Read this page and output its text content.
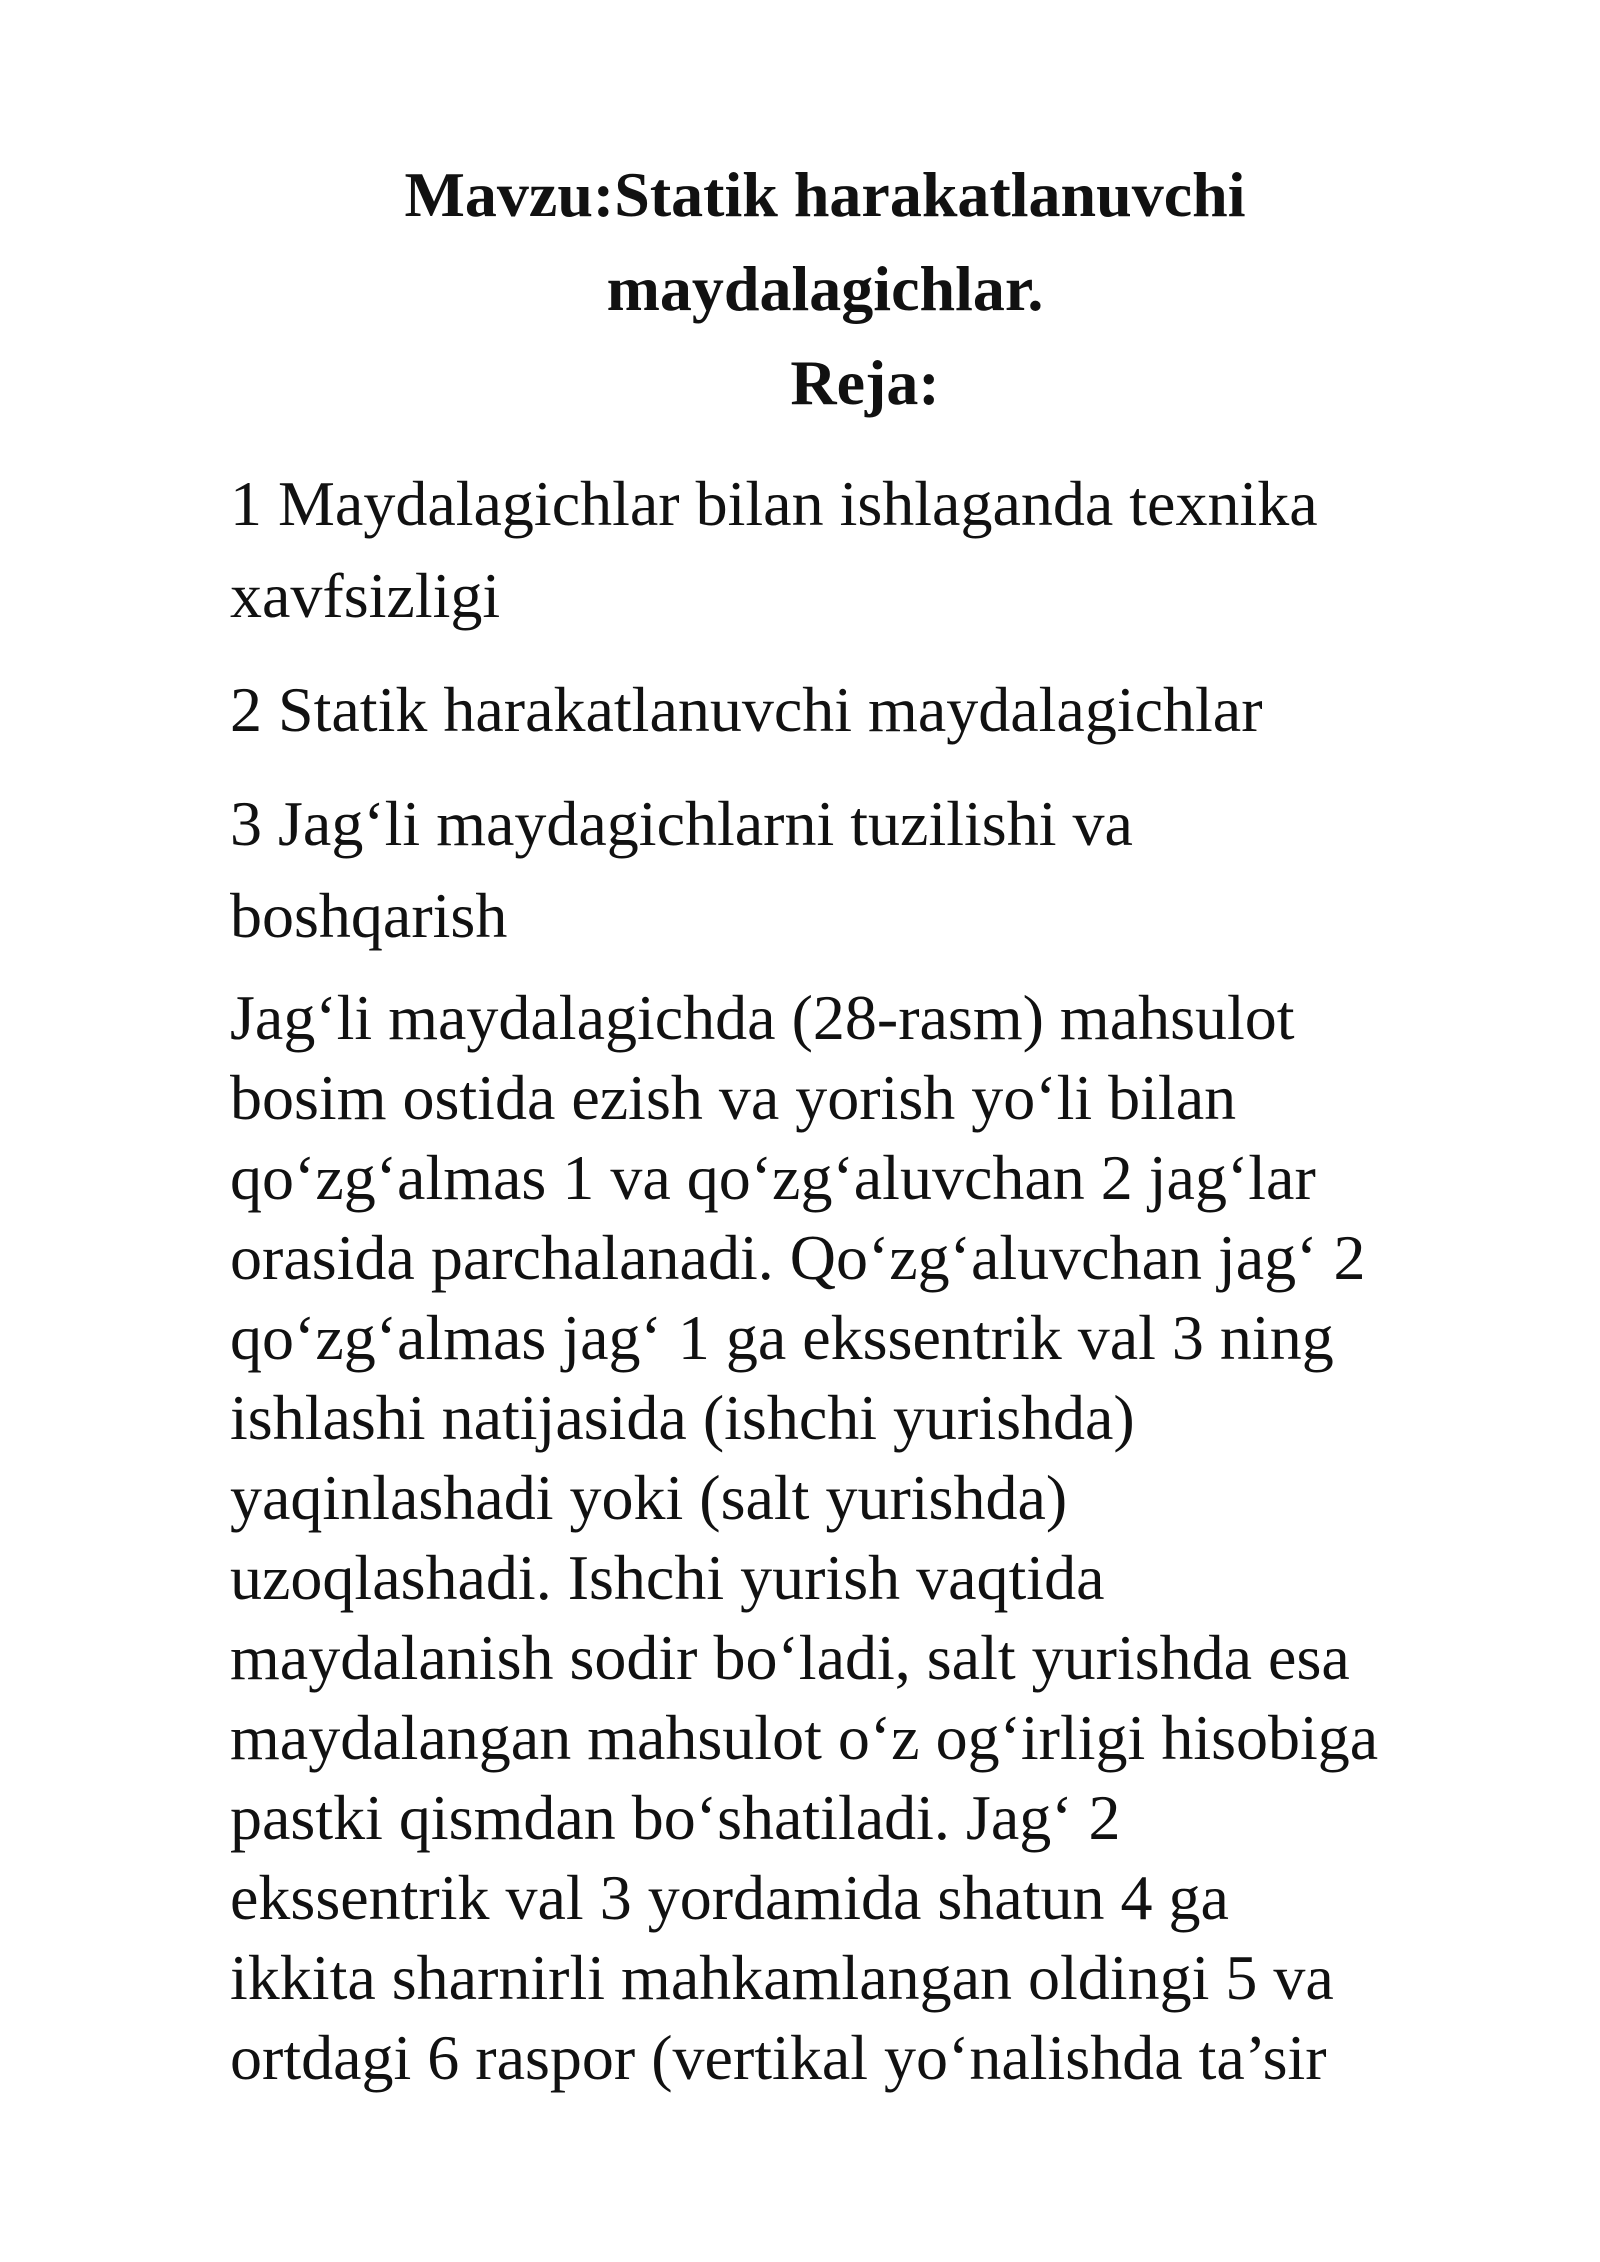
Mavzu:Statik harakatlanuvchi
maydalagichlar.
Reja:
1 Maydalagichlar bilan ishlaganda texnika xavfsizligi
2 Statik harakatlanuvchi maydalagichlar
3 Jag‘li maydagichlarni tuzilishi va boshqarish
Jag‘li maydalagichda (28-rasm) mahsulot
bosim ostida ezish va yorish yo‘li bilan
qo‘zg‘almas 1 va qo‘zg‘aluvchan 2 jag‘lar
orasida parchalanadi. Qo‘zg‘aluvchan jag‘ 2
qo‘zg‘almas jag‘ 1 ga ekssentrik val 3 ning
ishlashi natijasida (ishchi yurishda)
yaqinlashadi yoki (salt yurishda)
uzoqlashadi. Ishchi yurish vaqtida
maydalanish sodir bo‘ladi, salt yurishda esa
maydalangan mahsulot o‘z og‘irligi hisobiga
pastki qismdan bo‘shatiladi. Jag‘ 2
ekssentrik val 3 yordamida shatun 4 ga
ikkita sharnirli mahkamlangan oldingi 5 va
ortdagi 6 raspor (vertikal yo‘nalishda ta’sir
